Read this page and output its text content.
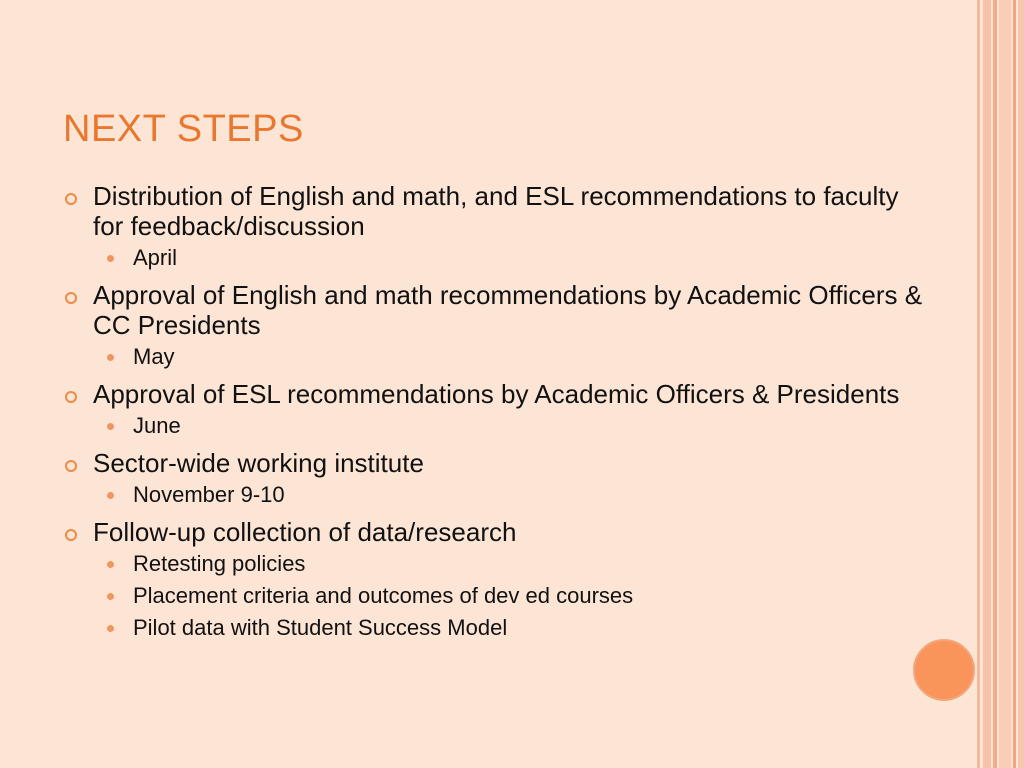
NEXT STEPS
Distribution of English and math, and ESL recommendations to faculty for feedback/discussion
April
Approval of English and math recommendations by Academic Officers & CC Presidents
May
Approval of ESL recommendations by Academic Officers & Presidents
June
Sector-wide working institute
November 9-10
Follow-up collection of data/research
Retesting policies
Placement criteria and outcomes of dev ed courses
Pilot data with Student Success Model
